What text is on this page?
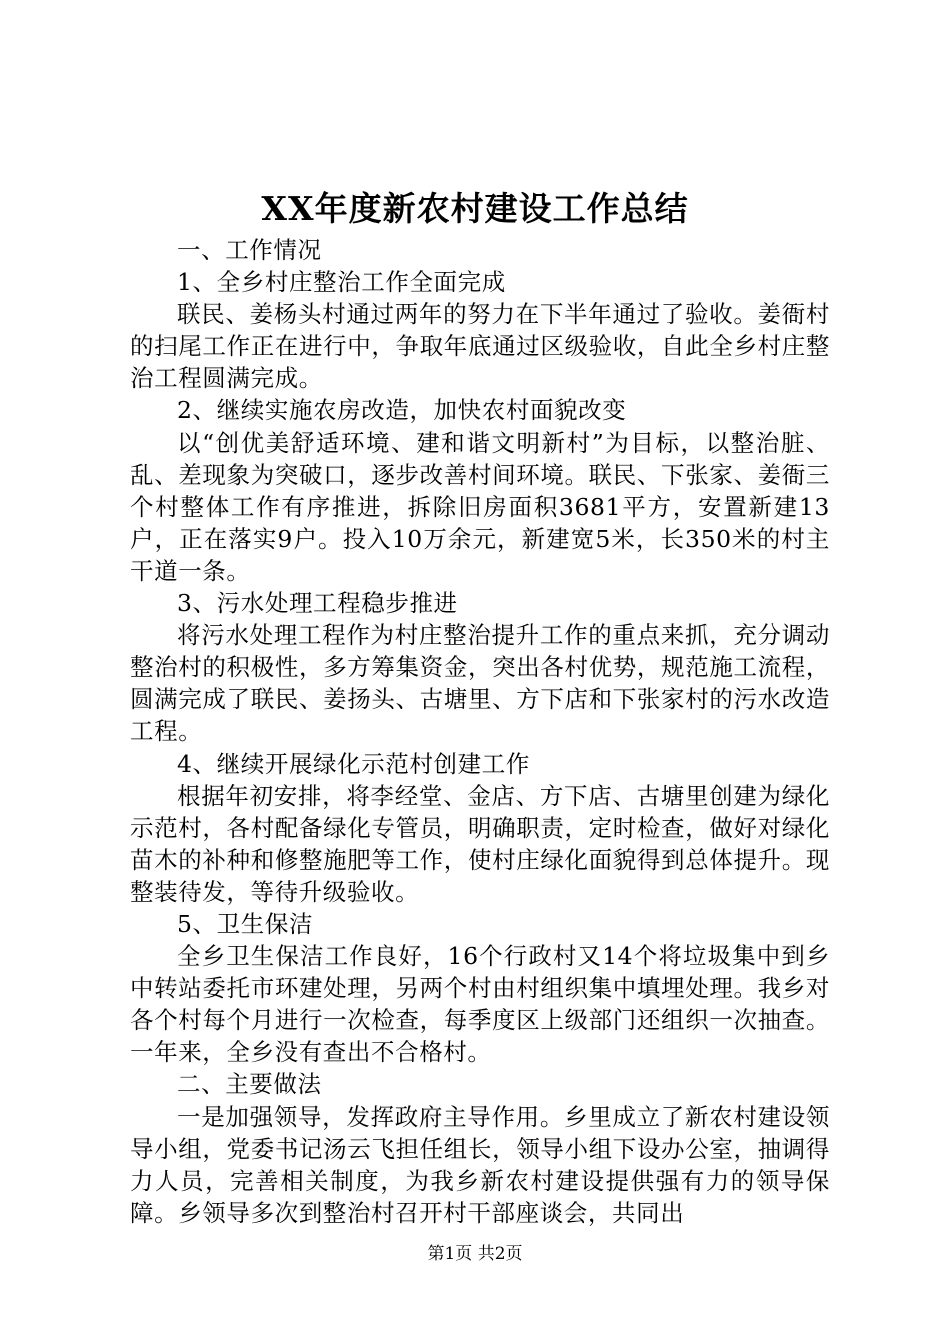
XX年度新农村建设工作总结

一、工作情况

1、全乡村庄整治工作全面完成

联民、姜杨头村通过两年的努力在下半年通过了验收。姜衙村的扫尾工作正在进行中，争取年底通过区级验收，自此全乡村庄整治工程圆满完成。

2、继续实施农房改造，加快农村面貌改变

以“创优美舒适环境、建和谐文明新村”为目标，以整治脏、乱、差现象为突破口，逐步改善村间环境。联民、下张家、姜衙三个村整体工作有序推进，拆除旧房面积3681平方，安置新建13户，正在落实9户。投入10万余元，新建宽5米，长350米的村主干道一条。

3、污水处理工程稳步推进

将污水处理工程作为村庄整治提升工作的重点来抓，充分调动整治村的积极性，多方筹集资金，突出各村优势，规范施工流程，圆满完成了联民、姜扬头、古塘里、方下店和下张家村的污水改造工程。

4、继续开展绿化示范村创建工作

根据年初安排，将李经堂、金店、方下店、古塘里创建为绿化示范村，各村配备绿化专管员，明确职责，定时检查，做好对绿化苗木的补种和修整施肥等工作，使村庄绿化面貌得到总体提升。现整装待发，等待升级验收。

5、卫生保洁

全乡卫生保洁工作良好，16个行政村又14个将垃圾集中到乡中转站委托市环建处理，另两个村由村组织集中填埋处理。我乡对各个村每个月进行一次检查，每季度区上级部门还组织一次抽查。一年来，全乡没有查出不合格村。

二、主要做法

一是加强领导，发挥政府主导作用。乡里成立了新农村建设领导小组，党委书记汤云飞担任组长，领导小组下设办公室，抽调得力人员，完善相关制度，为我乡新农村建设提供强有力的领导保障。乡领导多次到整治村召开村干部座谈会，共同出

第1页 共2页
